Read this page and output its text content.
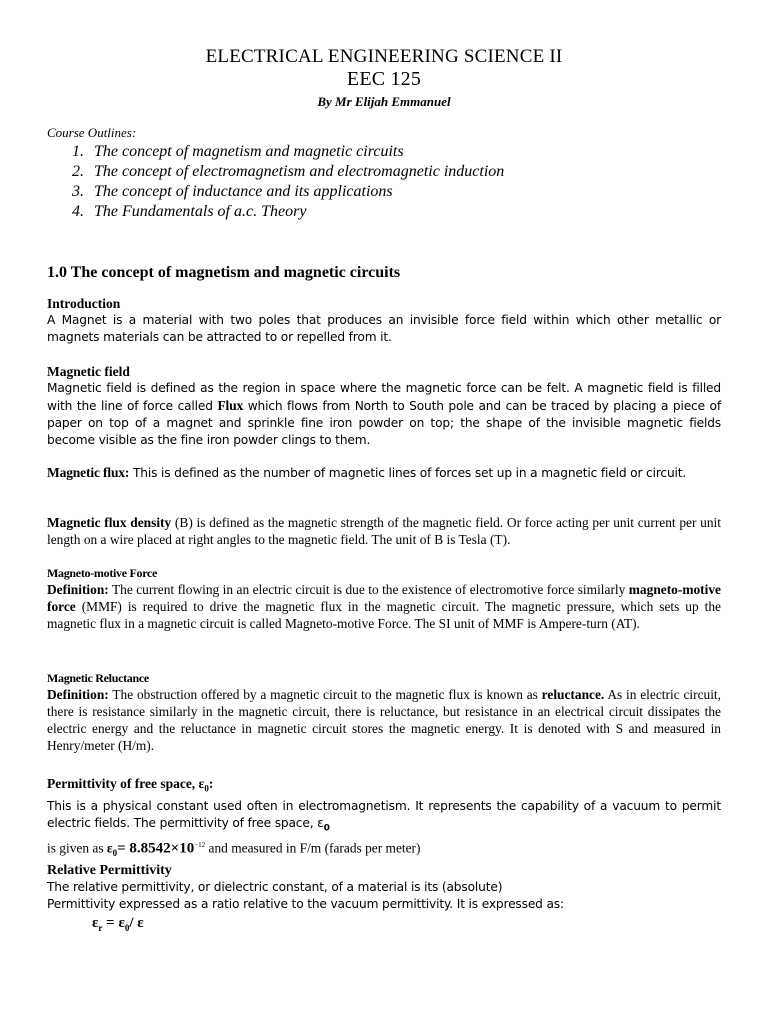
ELECTRICAL ENGINEERING SCIENCE II
EEC 125
By Mr Elijah Emmanuel
Course Outlines:
1. The concept of magnetism and magnetic circuits
2. The concept of electromagnetism and electromagnetic induction
3. The concept of inductance and its applications
4. The Fundamentals of a.c. Theory
1.0 The concept of magnetism and magnetic circuits
Introduction
A Magnet is a material with two poles that produces an invisible force field within which other metallic or magnets materials can be attracted to or repelled from it.
Magnetic field
Magnetic field is defined as the region in space where the magnetic force can be felt. A magnetic field is filled with the line of force called Flux which flows from North to South pole and can be traced by placing a piece of paper on top of a magnet and sprinkle fine iron powder on top; the shape of the invisible magnetic fields become visible as the fine iron powder clings to them.
Magnetic flux: This is defined as the number of magnetic lines of forces set up in a magnetic field or circuit.
Magnetic flux density (B) is defined as the magnetic strength of the magnetic field. Or force acting per unit current per unit length on a wire placed at right angles to the magnetic field. The unit of B is Tesla (T).
Magneto-motive Force
Definition: The current flowing in an electric circuit is due to the existence of electromotive force similarly magneto-motive force (MMF) is required to drive the magnetic flux in the magnetic circuit. The magnetic pressure, which sets up the magnetic flux in a magnetic circuit is called Magneto-motive Force. The SI unit of MMF is Ampere-turn (AT).
Magnetic Reluctance
Definition: The obstruction offered by a magnetic circuit to the magnetic flux is known as reluctance. As in electric circuit, there is resistance similarly in the magnetic circuit, there is reluctance, but resistance in an electrical circuit dissipates the electric energy and the reluctance in magnetic circuit stores the magnetic energy. It is denoted with S and measured in Henry/meter (H/m).
Permittivity of free space, $\varepsilon_0$:
This is a physical constant used often in electromagnetism. It represents the capability of a vacuum to permit electric fields. The permittivity of free space, $\varepsilon_0$
is given as $\varepsilon_0= 8.8542\times 10^{-12}$ and measured in F/m (farads per meter)
Relative Permittivity
The relative permittivity, or dielectric constant, of a material is its (absolute)
Permittivity expressed as a ratio relative to the vacuum permittivity. It is expressed as:
$\varepsilon_r = \varepsilon_0/$ ε
